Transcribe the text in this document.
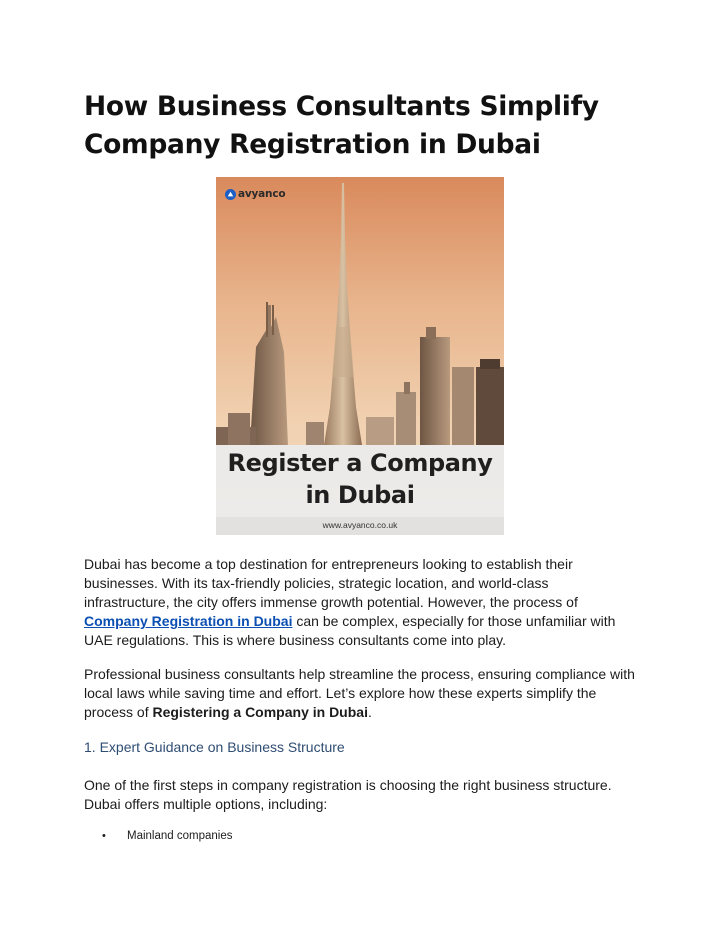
How Business Consultants Simplify
Company Registration in Dubai
avyanco
Register a Company
in Dubai
www.avyanco.co.uk

Dubai has become a top destination for entrepreneurs looking to establish their
businesses. With its tax-friendly policies, strategic location, and world-class
infrastructure, the city offers immense growth potential. However, the process of
Company Registration in Dubai can be complex, especially for those unfamiliar with
UAE regulations. This is where business consultants come into play.

Professional business consultants help streamline the process, ensuring compliance with
local laws while saving time and effort. Let’s explore how these experts simplify the
process of Registering a Company in Dubai.

1. Expert Guidance on Business Structure

One of the first steps in company registration is choosing the right business structure.
Dubai offers multiple options, including:

• Mainland companies
